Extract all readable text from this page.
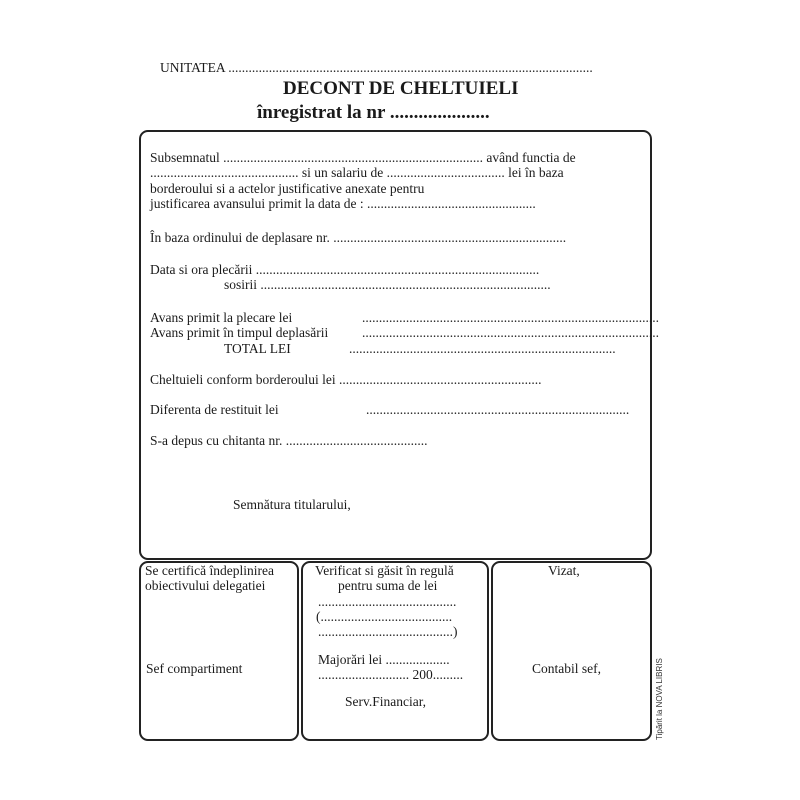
UNITATEA ............................................................................................................
DECONT DE CHELTUIELI
înregistrat la nr .....................
Subsemnatul ............................................................................. având functia de
............................................ si un salariu de ................................... lei în baza
borderoului si a actelor justificative anexate pentru
justificarea avansului primit la data de : ..................................................
În baza ordinului de deplasare nr. .....................................................................
Data si ora plecării ....................................................................................
sosirii ......................................................................................
Avans primit la plecare lei	........................................................................................
Avans primit în timpul deplasării	........................................................................................
TOTAL LEI	...............................................................................
Cheltuieli conform borderoului lei ............................................................
Diferenta de restituit lei	..............................................................................
S-a depus cu chitanta nr. ..........................................
Semnătura titularului,
Se certifică îndeplinirea
obiectivului delegatiei
Sef compartiment
Verificat si găsit în regulă
pentru suma de lei
.........................................
(.......................................
........................................)
Majorări lei ...................
........................... 200.........
Serv.Financiar,
Vizat,
Contabil sef,	Tipărit la NOVA LIBRIS
